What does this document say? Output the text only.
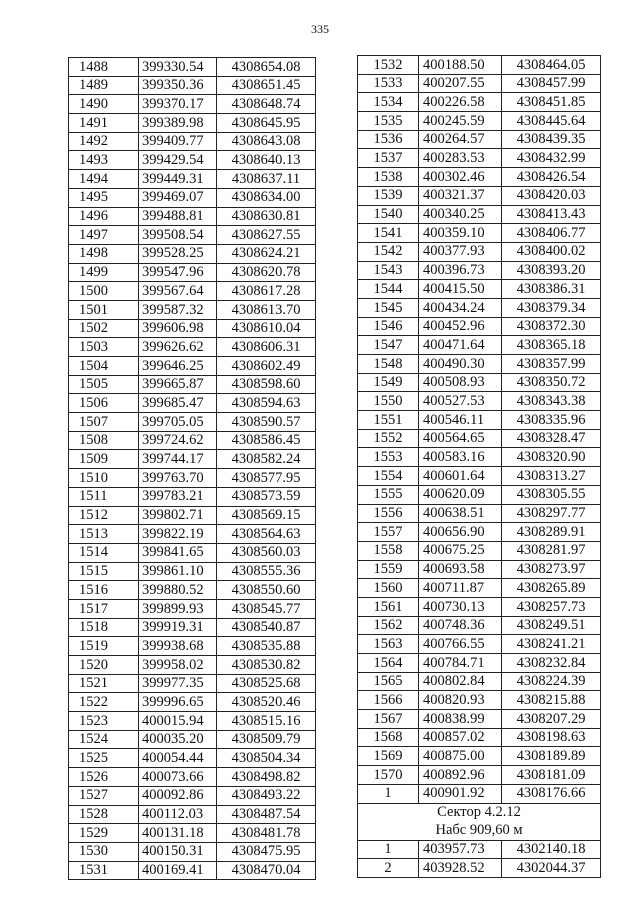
335
1488	399330.54	4308654.08
1489	399350.36	4308651.45
1490	399370.17	4308648.74
1491	399389.98	4308645.95
1492	399409.77	4308643.08
1493	399429.54	4308640.13
1494	399449.31	4308637.11
1495	399469.07	4308634.00
1496	399488.81	4308630.81
1497	399508.54	4308627.55
1498	399528.25	4308624.21
1499	399547.96	4308620.78
1500	399567.64	4308617.28
1501	399587.32	4308613.70
1502	399606.98	4308610.04
1503	399626.62	4308606.31
1504	399646.25	4308602.49
1505	399665.87	4308598.60
1506	399685.47	4308594.63
1507	399705.05	4308590.57
1508	399724.62	4308586.45
1509	399744.17	4308582.24
1510	399763.70	4308577.95
1511	399783.21	4308573.59
1512	399802.71	4308569.15
1513	399822.19	4308564.63
1514	399841.65	4308560.03
1515	399861.10	4308555.36
1516	399880.52	4308550.60
1517	399899.93	4308545.77
1518	399919.31	4308540.87
1519	399938.68	4308535.88
1520	399958.02	4308530.82
1521	399977.35	4308525.68
1522	399996.65	4308520.46
1523	400015.94	4308515.16
1524	400035.20	4308509.79
1525	400054.44	4308504.34
1526	400073.66	4308498.82
1527	400092.86	4308493.22
1528	400112.03	4308487.54
1529	400131.18	4308481.78
1530	400150.31	4308475.95
1531	400169.41	4308470.04
1532	400188.50	4308464.05
1533	400207.55	4308457.99
1534	400226.58	4308451.85
1535	400245.59	4308445.64
1536	400264.57	4308439.35
1537	400283.53	4308432.99
1538	400302.46	4308426.54
1539	400321.37	4308420.03
1540	400340.25	4308413.43
1541	400359.10	4308406.77
1542	400377.93	4308400.02
1543	400396.73	4308393.20
1544	400415.50	4308386.31
1545	400434.24	4308379.34
1546	400452.96	4308372.30
1547	400471.64	4308365.18
1548	400490.30	4308357.99
1549	400508.93	4308350.72
1550	400527.53	4308343.38
1551	400546.11	4308335.96
1552	400564.65	4308328.47
1553	400583.16	4308320.90
1554	400601.64	4308313.27
1555	400620.09	4308305.55
1556	400638.51	4308297.77
1557	400656.90	4308289.91
1558	400675.25	4308281.97
1559	400693.58	4308273.97
1560	400711.87	4308265.89
1561	400730.13	4308257.73
1562	400748.36	4308249.51
1563	400766.55	4308241.21
1564	400784.71	4308232.84
1565	400802.84	4308224.39
1566	400820.93	4308215.88
1567	400838.99	4308207.29
1568	400857.02	4308198.63
1569	400875.00	4308189.89
1570	400892.96	4308181.09
1	400901.92	4308176.66

Сектор 4.2.12
Набс 909,60 м		

1	403957.73	4302140.18
2	403928.52	4302044.37
